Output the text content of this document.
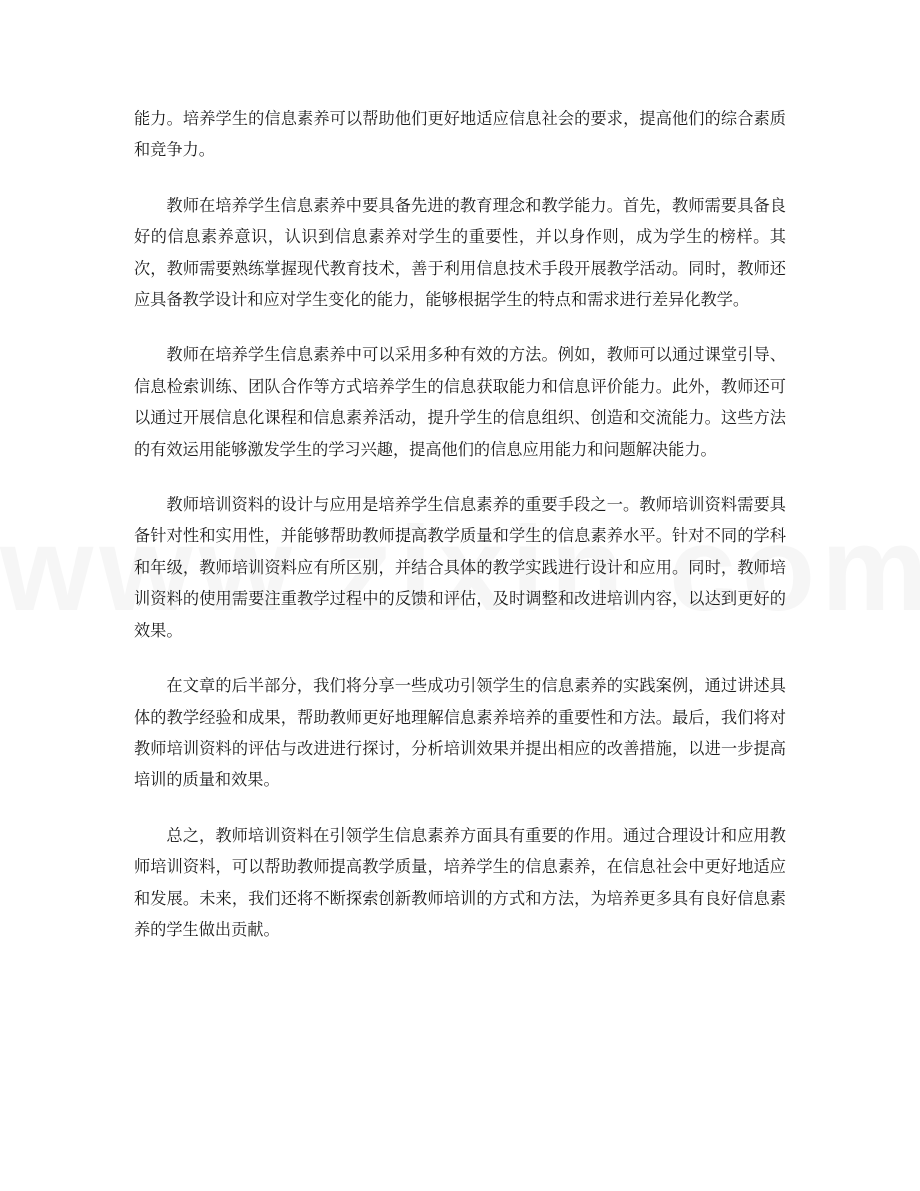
能力。培养学生的信息素养可以帮助他们更好地适应信息社会的要求，提高他们的综合素质和竞争力。

教师在培养学生信息素养中要具备先进的教育理念和教学能力。首先，教师需要具备良好的信息素养意识，认识到信息素养对学生的重要性，并以身作则，成为学生的榜样。其次，教师需要熟练掌握现代教育技术，善于利用信息技术手段开展教学活动。同时，教师还应具备教学设计和应对学生变化的能力，能够根据学生的特点和需求进行差异化教学。

教师在培养学生信息素养中可以采用多种有效的方法。例如，教师可以通过课堂引导、信息检索训练、团队合作等方式培养学生的信息获取能力和信息评价能力。此外，教师还可以通过开展信息化课程和信息素养活动，提升学生的信息组织、创造和交流能力。这些方法的有效运用能够激发学生的学习兴趣，提高他们的信息应用能力和问题解决能力。

教师培训资料的设计与应用是培养学生信息素养的重要手段之一。教师培训资料需要具备针对性和实用性，并能够帮助教师提高教学质量和学生的信息素养水平。针对不同的学科和年级，教师培训资料应有所区别，并结合具体的教学实践进行设计和应用。同时，教师培训资料的使用需要注重教学过程中的反馈和评估，及时调整和改进培训内容，以达到更好的效果。

在文章的后半部分，我们将分享一些成功引领学生的信息素养的实践案例，通过讲述具体的教学经验和成果，帮助教师更好地理解信息素养培养的重要性和方法。最后，我们将对教师培训资料的评估与改进进行探讨，分析培训效果并提出相应的改善措施，以进一步提高培训的质量和效果。

总之，教师培训资料在引领学生信息素养方面具有重要的作用。通过合理设计和应用教师培训资料，可以帮助教师提高教学质量，培养学生的信息素养，在信息社会中更好地适应和发展。未来，我们还将不断探索创新教师培训的方式和方法，为培养更多具有良好信息素养的学生做出贡献。
